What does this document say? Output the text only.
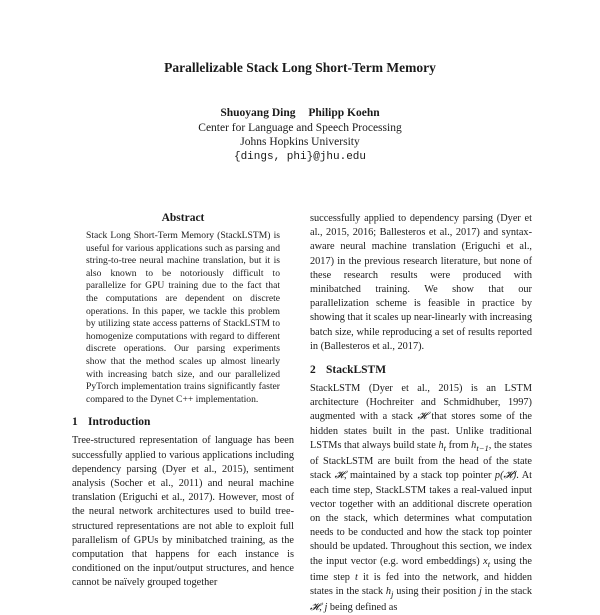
Parallelizable Stack Long Short-Term Memory
Shuoyang Ding Philipp Koehn
Center for Language and Speech Processing
Johns Hopkins University
{dings, phi}@jhu.edu
Abstract

Stack Long Short-Term Memory (StackLSTM) is useful for various applications such as parsing and string-to-tree neural machine translation, but it is also known to be notoriously difficult to parallelize for GPU training due to the fact that the computations are dependent on discrete operations. In this paper, we tackle this problem by utilizing state access patterns of StackLSTM to homogenize computations with regard to different discrete operations. Our parsing experiments show that the method scales up almost linearly with increasing batch size, and our parallelized PyTorch implementation trains significantly faster compared to the Dynet C++ implementation.

1 Introduction

Tree-structured representation of language has been successfully applied to various applications including dependency parsing (Dyer et al., 2015), sentiment analysis (Socher et al., 2011) and neural machine translation (Eriguchi et al., 2017). However, most of the neural network architectures used to build tree-structured representations are not able to exploit full parallelism of GPUs by minibatched training, as the computation that happens for each instance is conditioned on the input/output structures, and hence cannot be naïvely grouped together

successfully applied to dependency parsing (Dyer et al., 2015, 2016; Ballesteros et al., 2017) and syntax-aware neural machine translation (Eriguchi et al., 2017) in the previous research literature, but none of these research results were produced with minibatched training. We show that our parallelization scheme is feasible in practice by showing that it scales up near-linearly with increasing batch size, while reproducing a set of results reported in (Ballesteros et al., 2017).

2 StackLSTM

StackLSTM (Dyer et al., 2015) is an LSTM architecture (Hochreiter and Schmidhuber, 1997) augmented with a stack 𝓗 that stores some of the hidden states built in the past. Unlike traditional LSTMs that always build state $h_t$ from $h_{t-1}$, the states of StackLSTM are built from the head of the state stack 𝓗, maintained by a stack top pointer p(𝓗). At each time step, StackLSTM takes a real-valued input vector together with an additional discrete operation on the stack, which determines what computation needs to be conducted and how the stack top pointer should be updated. Throughout this section, we index the input vector (e.g. word embeddings) $x_t$ using the time step t it is fed into the network, and hidden states in the stack $h_j$ using their position j in the stack 𝓗, j being defined as
